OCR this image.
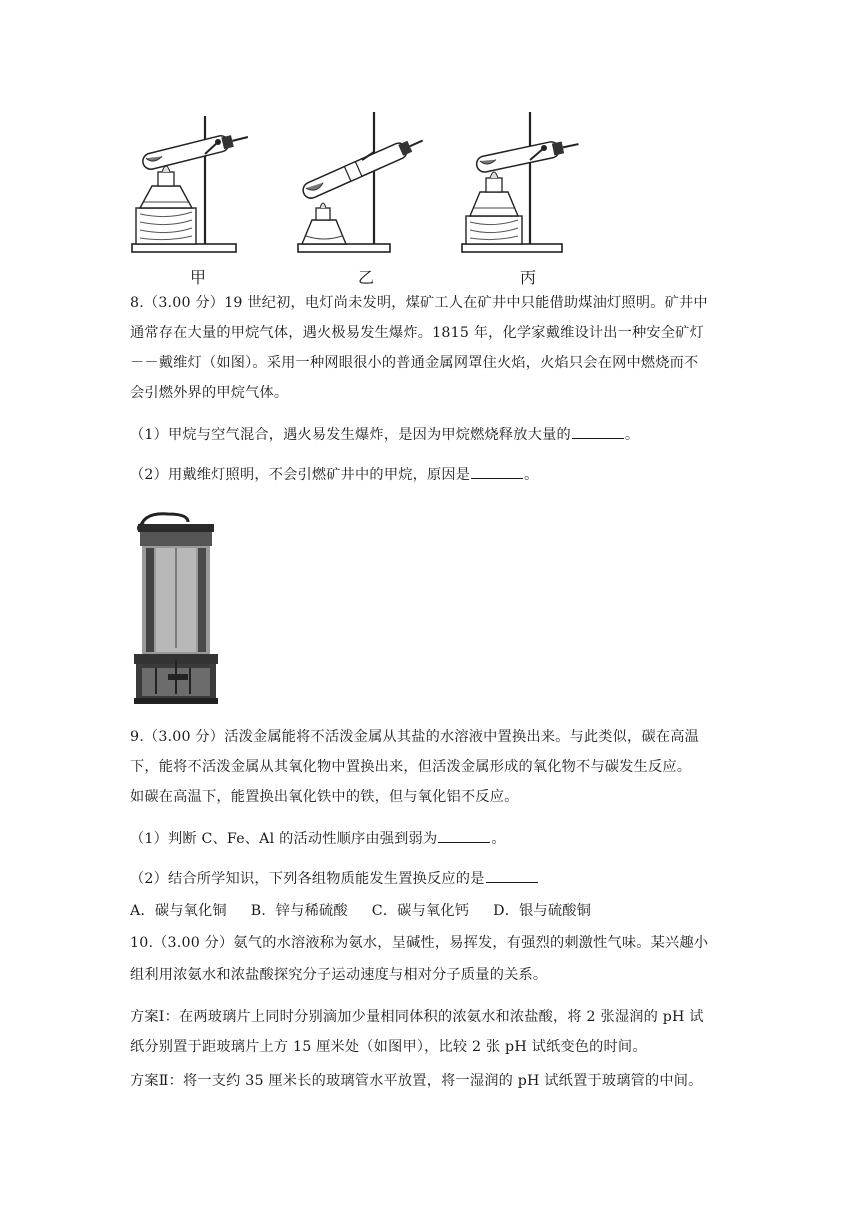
甲	乙	丙
8.（3.00 分）19 世纪初，电灯尚未发明，煤矿工人在矿井中只能借助煤油灯照明。矿井中
通常存在大量的甲烷气体，遇火极易发生爆炸。1815 年，化学家戴维设计出一种安全矿灯
－－戴维灯（如图）。采用一种网眼很小的普通金属网罩住火焰，火焰只会在网中燃烧而不
会引燃外界的甲烷气体。
（1）甲烷与空气混合，遇火易发生爆炸，是因为甲烷燃烧释放大量的	。
（2）用戴维灯照明，不会引燃矿井中的甲烷，原因是	。
9.（3.00 分）活泼金属能将不活泼金属从其盐的水溶液中置换出来。与此类似，碳在高温
下，能将不活泼金属从其氧化物中置换出来，但活泼金属形成的氧化物不与碳发生反应。
如碳在高温下，能置换出氧化铁中的铁，但与氧化铝不反应。
（1）判断 C、Fe、Al 的活动性顺序由强到弱为	。
（2）结合所学知识，下列各组物质能发生置换反应的是
A．碳与氧化铜 B．锌与稀硫酸 C．碳与氧化钙 D．银与硫酸铜
10.（3.00 分）氨气的水溶液称为氨水，呈碱性，易挥发，有强烈的刺激性气味。某兴趣小
组利用浓氨水和浓盐酸探究分子运动速度与相对分子质量的关系。
方案Ⅰ：在两玻璃片上同时分别滴加少量相同体积的浓氨水和浓盐酸，将 2 张湿润的 pH 试
纸分别置于距玻璃片上方 15 厘米处（如图甲），比较 2 张 pH 试纸变色的时间。
方案Ⅱ：将一支约 35 厘米长的玻璃管水平放置，将一湿润的 pH 试纸置于玻璃管的中间。
